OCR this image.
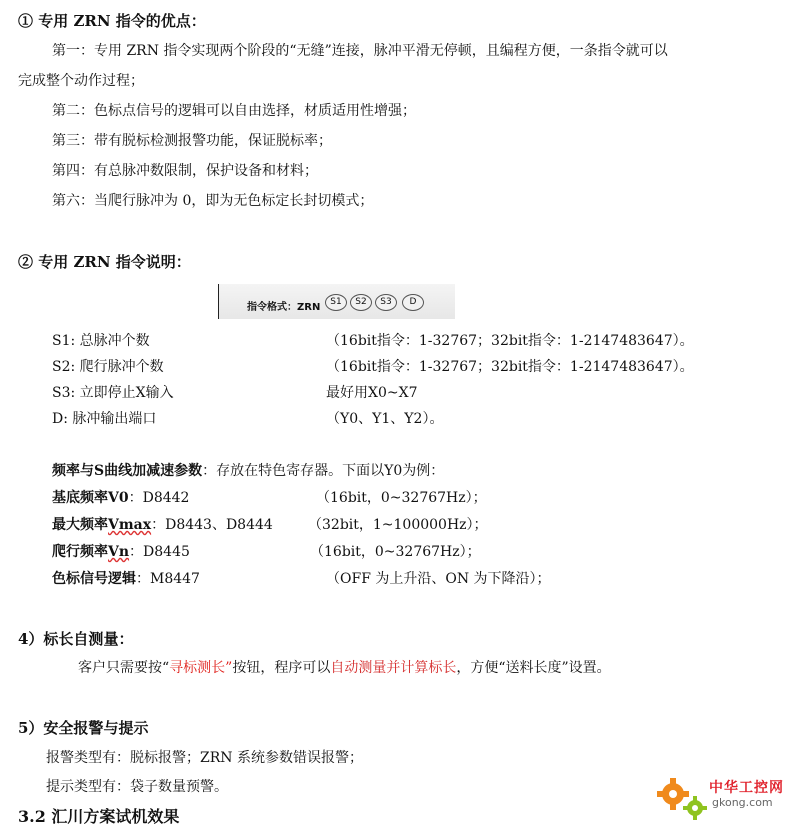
① 专用 ZRN 指令的优点：
第一：专用 ZRN 指令实现两个阶段的“无缝”连接，脉冲平滑无停顿，且编程方便，一条指令就可以
完成整个动作过程；
第二：色标点信号的逻辑可以自由选择，材质适用性增强；
第三：带有脱标检测报警功能，保证脱标率；
第四：有总脉冲数限制，保护设备和材料；
第六：当爬行脉冲为 0，即为无色标定长封切模式；
② 专用 ZRN 指令说明：
指令格式：ZRN	S1	S2	S3	D
S1: 总脉冲个数	（16bit指令：1-32767；32bit指令：1-2147483647）。
S2: 爬行脉冲个数	（16bit指令：1-32767；32bit指令：1-2147483647）。
S3: 立即停止X输入	最好用X0~X7
D: 脉冲输出端口	（Y0、Y1、Y2）。
频率与S曲线加减速参数：存放在特色寄存器。下面以Y0为例：
基底频率V0：D8442	（16bit，0~32767Hz）；
最大频率Vmax：D8443、D8444	（32bit，1~100000Hz）；
爬行频率Vn：D8445	（16bit，0~32767Hz）；
色标信号逻辑：M8447	（OFF 为上升沿、ON 为下降沿）；
4）标长自测量：
客户只需要按“寻标测长”按钮，程序可以自动测量并计算标长，方便“送料长度”设置。
5）安全报警与提示
报警类型有：脱标报警；ZRN 系统参数错误报警；
提示类型有：袋子数量预警。
3.2 汇川方案试机效果
中华工控网
gkong.com
